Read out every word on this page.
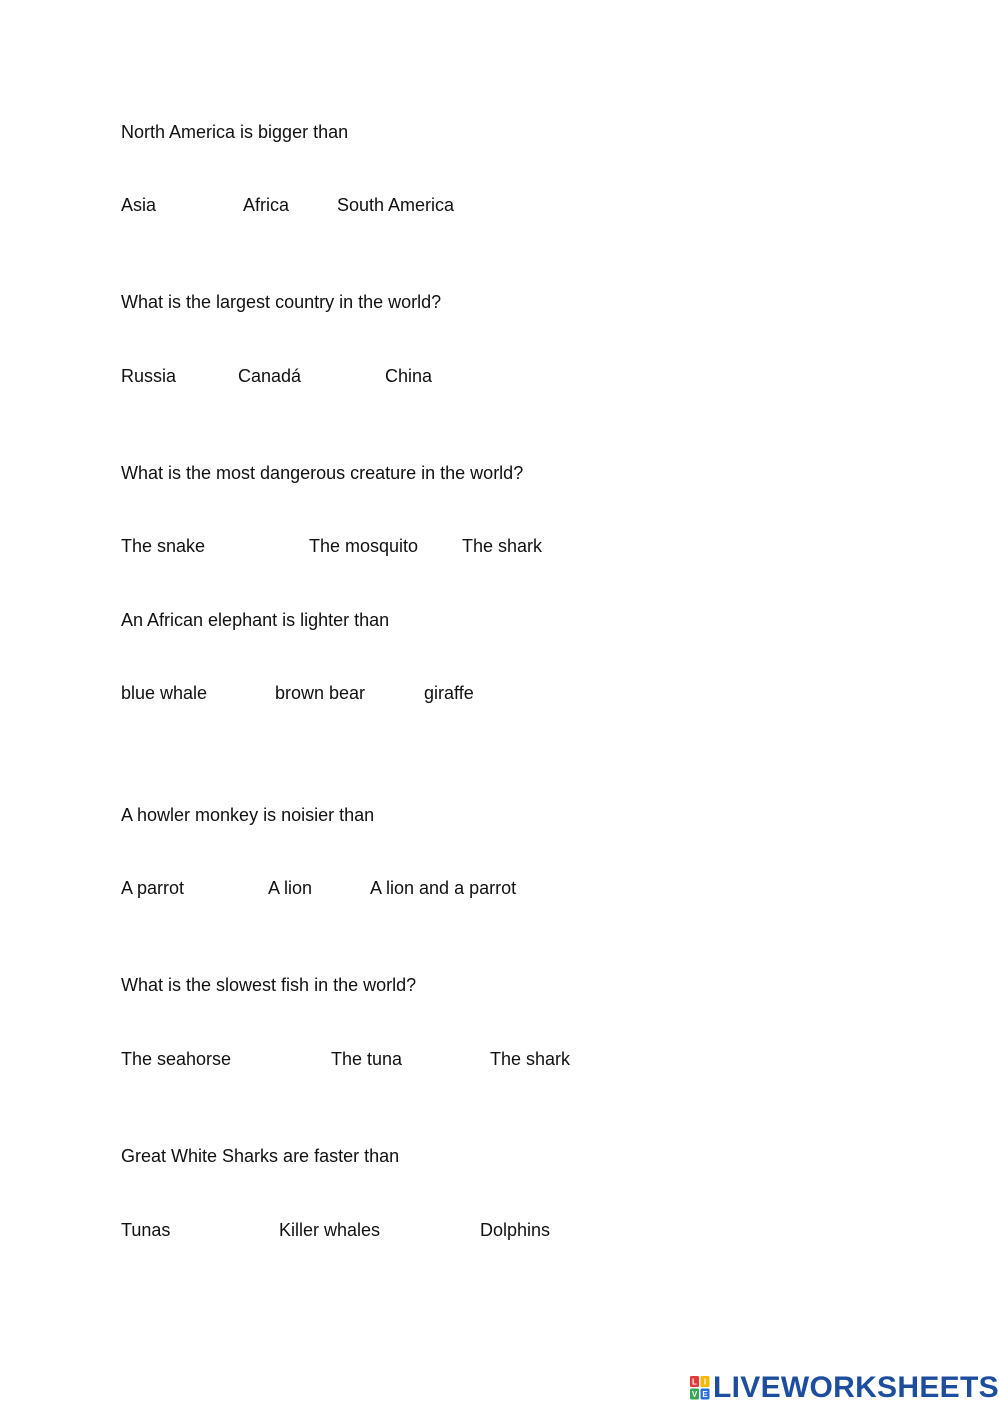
North America is bigger than
Asia	Africa	South America
What is the largest country in the world?
Russia	Canadá	China
What is the most dangerous creature in the world?
The snake	The mosquito The shark
An African elephant is lighter than
blue whale	brown bear	giraffe
A howler monkey is noisier than
A parrot	A lion	A lion and a parrot
What is the slowest fish in the world?
The seahorse	The tuna	The shark
Great White Sharks are faster than
Tunas	Killer whales	Dolphins
L I
V E LIVEWORKSHEETS
